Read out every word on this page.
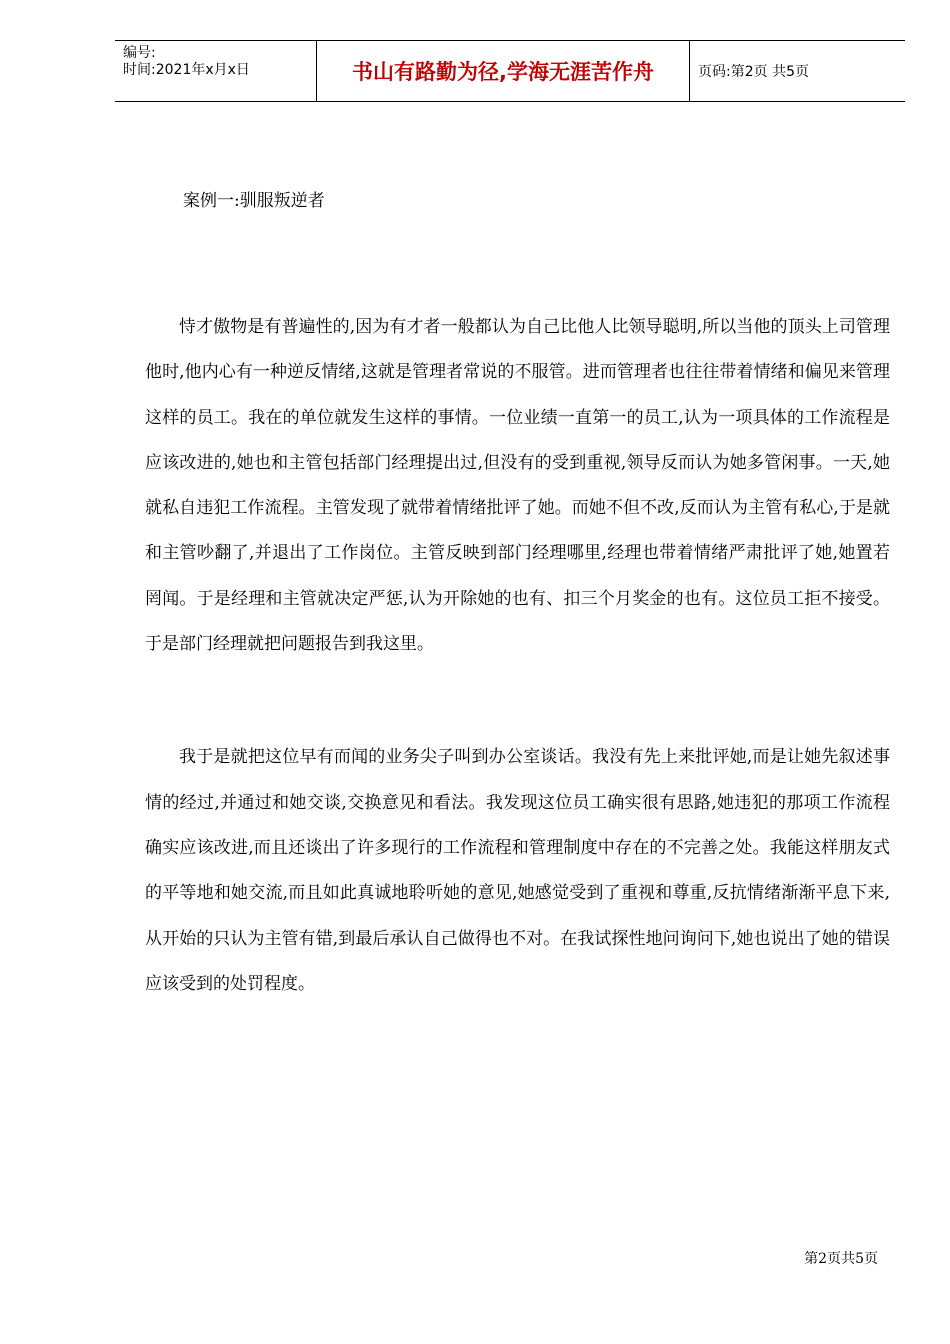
编号:
时间:2021年x月x日	书山有路勤为径,学海无涯苦作舟	页码:第2页 共5页

案例一:驯服叛逆者

恃才傲物是有普遍性的,因为有才者一般都认为自己比他人比领导聪明,所以当他的顶头上司管理他时,他内心有一种逆反情绪,这就是管理者常说的不服管。进而管理者也往往带着情绪和偏见来管理这样的员工。我在的单位就发生这样的事情。一位业绩一直第一的员工,认为一项具体的工作流程是应该改进的,她也和主管包括部门经理提出过,但没有的受到重视,领导反而认为她多管闲事。一天,她就私自违犯工作流程。主管发现了就带着情绪批评了她。而她不但不改,反而认为主管有私心,于是就和主管吵翻了,并退出了工作岗位。主管反映到部门经理哪里,经理也带着情绪严肃批评了她,她置若罔闻。于是经理和主管就决定严惩,认为开除她的也有、扣三个月奖金的也有。这位员工拒不接受。于是部门经理就把问题报告到我这里。

我于是就把这位早有而闻的业务尖子叫到办公室谈话。我没有先上来批评她,而是让她先叙述事情的经过,并通过和她交谈,交换意见和看法。我发现这位员工确实很有思路,她违犯的那项工作流程确实应该改进,而且还谈出了许多现行的工作流程和管理制度中存在的不完善之处。我能这样朋友式的平等地和她交流,而且如此真诚地聆听她的意见,她感觉受到了重视和尊重,反抗情绪渐渐平息下来,从开始的只认为主管有错,到最后承认自己做得也不对。在我试探性地问询问下,她也说出了她的错误应该受到的处罚程度。

第2页共5页
